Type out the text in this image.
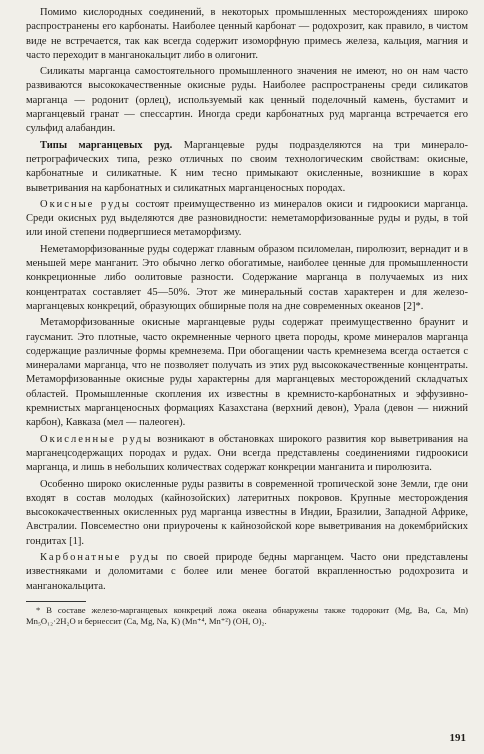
Помимо кислородных соединений, в некоторых промышленных месторождениях широко распространены его карбонаты. Наиболее ценный карбонат — родохрозит, как правило, в чистом виде не встречается, так как всегда содержит изоморфную примесь железа, кальция, магния и часто переходит в манганокальцит либо в олигонит.

Силикаты марганца самостоятельного промышленного значения не имеют, но он нам часто развиваются высококачественные окисные руды. Наиболее распространены среди силикатов марганца — родонит (орлец), используемый как ценный поделочный камень, бустамит и марганцевый гранат — спессартин. Иногда среди карбонатных руд марганца встречается его сульфид алабандин.

Типы марганцевых руд. Марганцевые руды подразделяются на три минерало-петрографических типа, резко отличных по своим технологическим свойствам: окисные, карбонатные и силикатные. К ним тесно примыкают окисленные, возникшие в корах выветривания на карбонатных и силикатных марганценосных породах.

Окисные руды состоят преимущественно из минералов окиси и гидроокиси марганца. Среди окисных руд выделяются две разновидности: неметаморфизованные руды и руды, в той или иной степени подвергшиеся метаморфизму.

Неметаморфизованные руды содержат главным образом псиломелан, пиролюзит, вернадит и в меньшей мере манганит. Это обычно легко обогатимые, наиболее ценные для промышленности конкреционные либо оолитовые разности. Содержание марганца в получаемых из них концентратах составляет 45—50%. Этот же минеральный состав характерен и для железо-марганцевых конкреций, образующих обширные поля на дне современных океанов [2]*.

Метаморфизованные окисные марганцевые руды содержат преимущественно браунит и гаусманит. Это плотные, часто окремненные черного цвета породы, кроме минералов марганца содержащие различные формы кремнезема. При обогащении часть кремнезема всегда остается с минералами марганца, что не позволяет получать из этих руд высококачественные концентраты. Метаморфизованные окисные руды характерны для марганцевых месторождений складчатых областей. Промышленные скопления их известны в кремнисто-карбонатных и эффузивно-кремнистых марганценосных формациях Казахстана (верхний девон), Урала (девон — нижний карбон), Кавказа (мел — палеоген).

Окисленные руды возникают в обстановках широкого развития кор выветривания на марганецсодержащих породах и рудах. Они всегда представлены соединениями гидроокиси марганца, и лишь в небольших количествах содержат конкреции манганита и пиролюзита.

Особенно широко окисленные руды развиты в современной тропической зоне Земли, где они входят в состав молодых (кайнозойских) латеритных покровов. Крупные месторождения высококачественных окисленных руд марганца известны в Индии, Бразилии, Западной Африке, Австралии. Повсеместно они приурочены к кайнозойской коре выветривания на докембрийских гондитах [1].

Карбонатные руды по своей природе бедны марганцем. Часто они представлены известняками и доломитами с более или менее богатой вкрапленностью родохрозита и манганокальцита.

* В составе железо-марганцевых конкреций ложа океана обнаружены также тодорокит (Mg, Ba, Ca, Mn) Mn₅O₁₂·2H₂O и бернессит (Ca, Mg, Na, K) (Mn⁺⁴, Mn⁺²) (OH, O)₂.

191
